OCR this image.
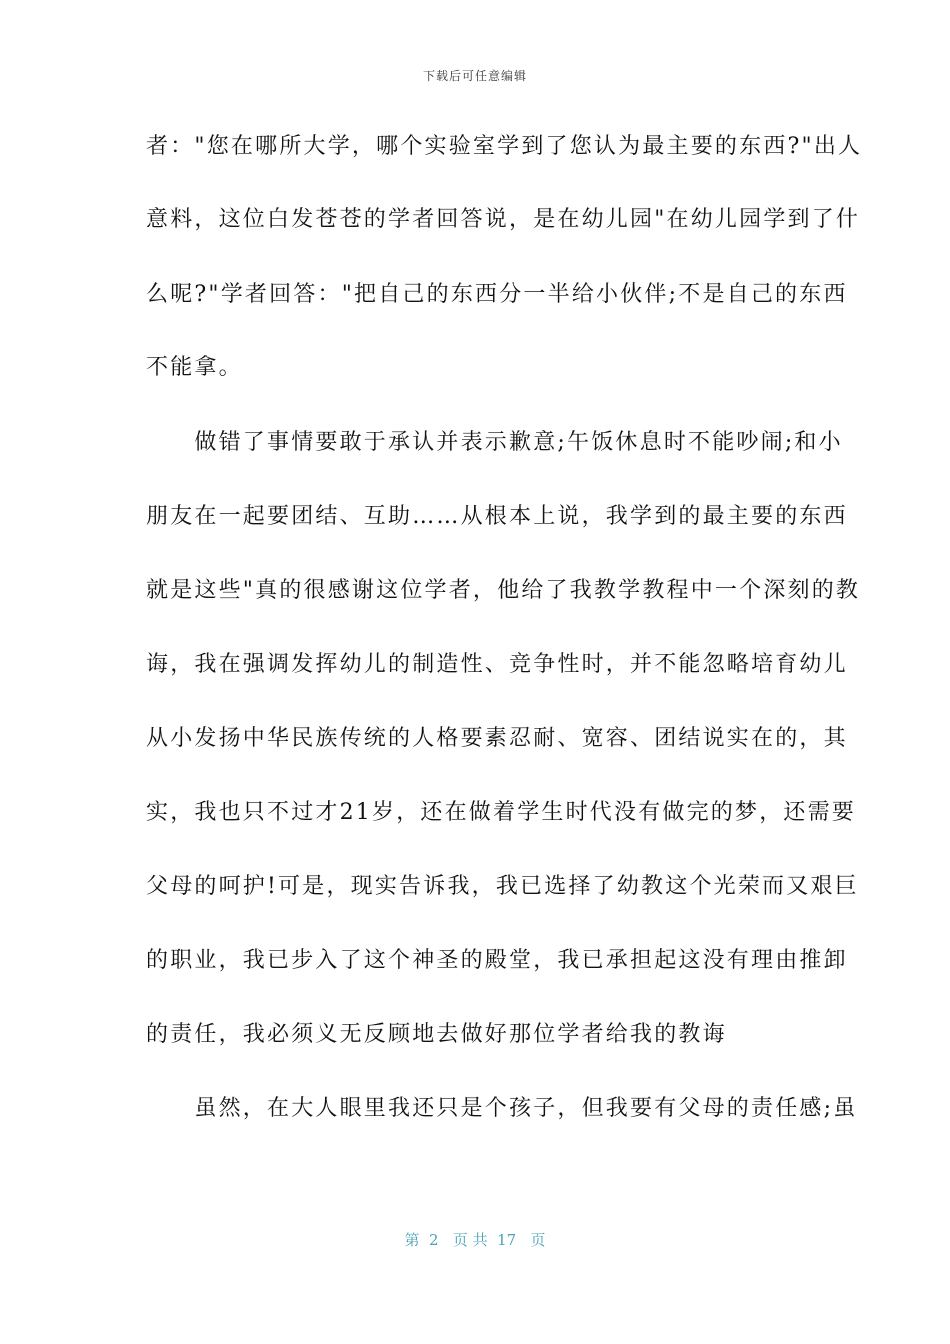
下载后可任意编辑
者："您在哪所大学，哪个实验室学到了您认为最主要的东西?"出人
意料，这位白发苍苍的学者回答说，是在幼儿园"在幼儿园学到了什
么呢?"学者回答："把自己的东西分一半给小伙伴;不是自己的东西
不能拿。
　　做错了事情要敢于承认并表示歉意;午饭休息时不能吵闹;和小
朋友在一起要团结、互助……从根本上说，我学到的最主要的东西
就是这些"真的很感谢这位学者，他给了我教学教程中一个深刻的教
诲，我在强调发挥幼儿的制造性、竞争性时，并不能忽略培育幼儿
从小发扬中华民族传统的人格要素忍耐、宽容、团结说实在的，其
实，我也只不过才21岁，还在做着学生时代没有做完的梦，还需要
父母的呵护!可是，现实告诉我，我已选择了幼教这个光荣而又艰巨
的职业，我已步入了这个神圣的殿堂，我已承担起这没有理由推卸
的责任，我必须义无反顾地去做好那位学者给我的教诲
　　虽然，在大人眼里我还只是个孩子，但我要有父母的责任感;虽
第  2   页 共  17   页
